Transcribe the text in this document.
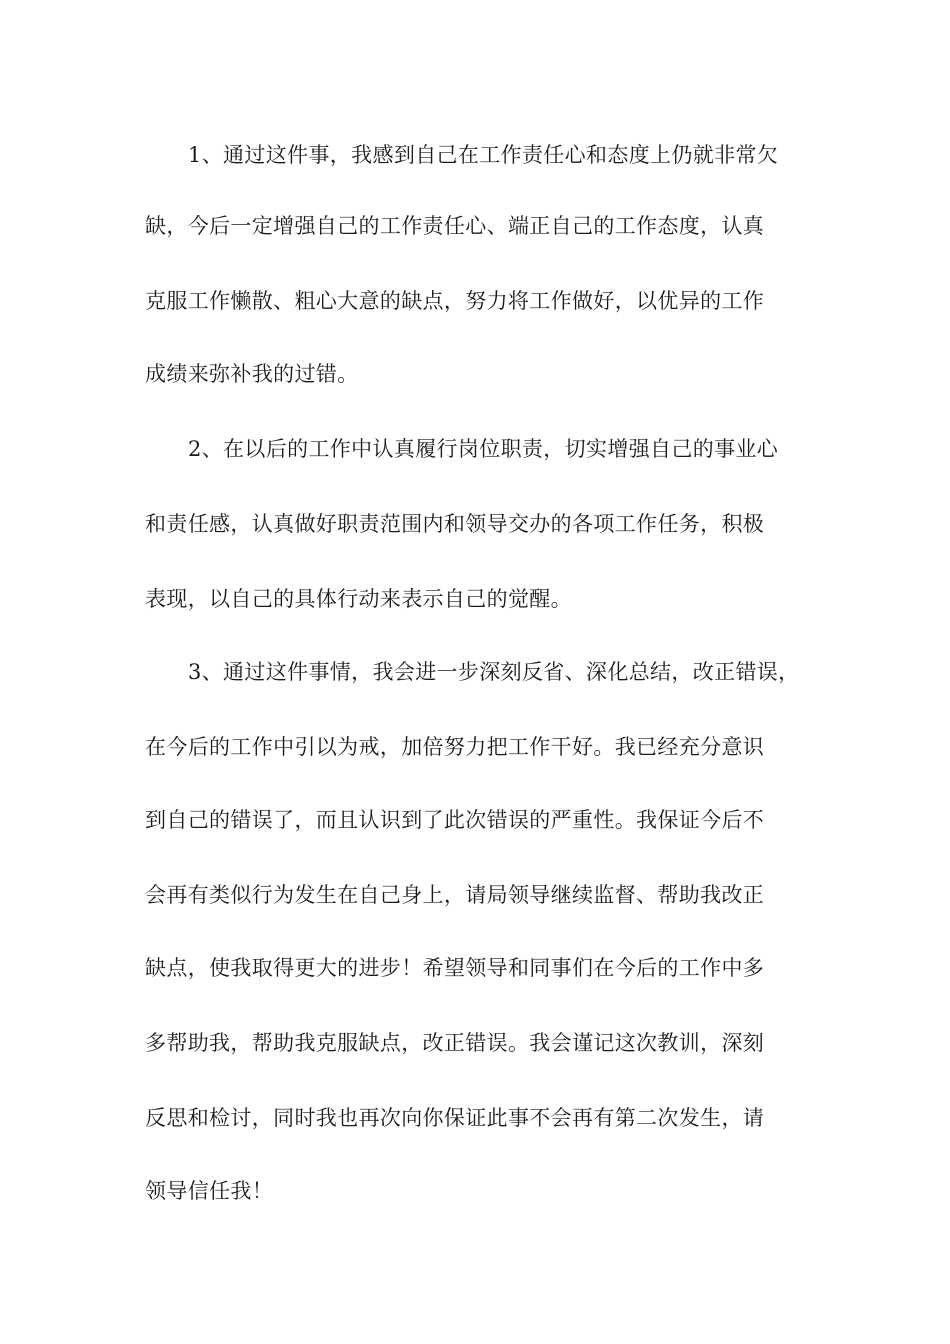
1、通过这件事，我感到自己在工作责任心和态度上仍就非常欠
缺，今后一定增强自己的工作责任心、端正自己的工作态度，认真
克服工作懒散、粗心大意的缺点，努力将工作做好，以优异的工作
成绩来弥补我的过错。
2、在以后的工作中认真履行岗位职责，切实增强自己的事业心
和责任感，认真做好职责范围内和领导交办的各项工作任务，积极
表现，以自己的具体行动来表示自己的觉醒。
3、通过这件事情，我会进一步深刻反省、深化总结，改正错误，
在今后的工作中引以为戒，加倍努力把工作干好。我已经充分意识
到自己的错误了，而且认识到了此次错误的严重性。我保证今后不
会再有类似行为发生在自己身上，请局领导继续监督、帮助我改正
缺点，使我取得更大的进步！希望领导和同事们在今后的工作中多
多帮助我，帮助我克服缺点，改正错误。我会谨记这次教训，深刻
反思和检讨，同时我也再次向你保证此事不会再有第二次发生，请
领导信任我！
